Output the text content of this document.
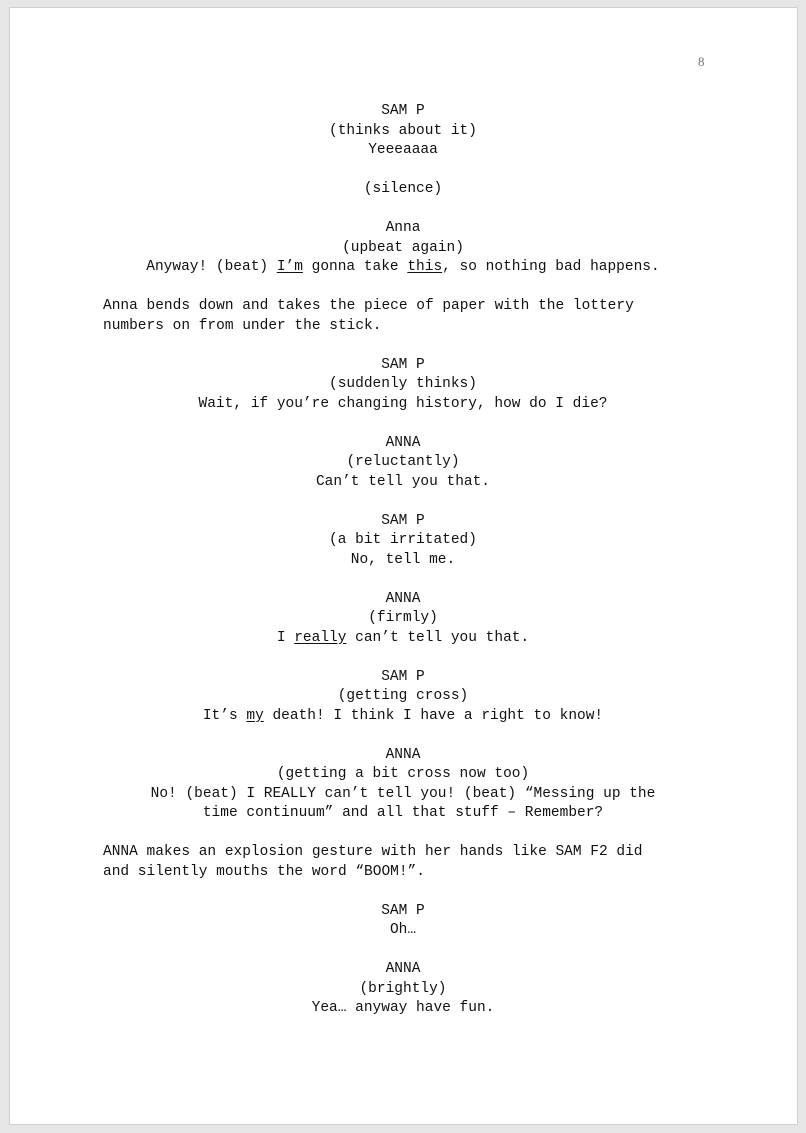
8
SAM P
(thinks about it)
Yeeeaaaa
(silence)
Anna
(upbeat again)
Anyway! (beat) I’m gonna take this, so nothing bad happens.
Anna bends down and takes the piece of paper with the lottery
numbers on from under the stick.
SAM P
(suddenly thinks)
Wait, if you’re changing history, how do I die?
ANNA
(reluctantly)
Can’t tell you that.
SAM P
(a bit irritated)
No, tell me.
ANNA
(firmly)
I really can’t tell you that.
SAM P
(getting cross)
It’s my death! I think I have a right to know!
ANNA
(getting a bit cross now too)
No! (beat) I REALLY can’t tell you! (beat) “Messing up the
time continuum” and all that stuff – Remember?
ANNA makes an explosion gesture with her hands like SAM F2 did
and silently mouths the word “BOOM!”.
SAM P
Oh…
ANNA
(brightly)
Yea… anyway have fun.
